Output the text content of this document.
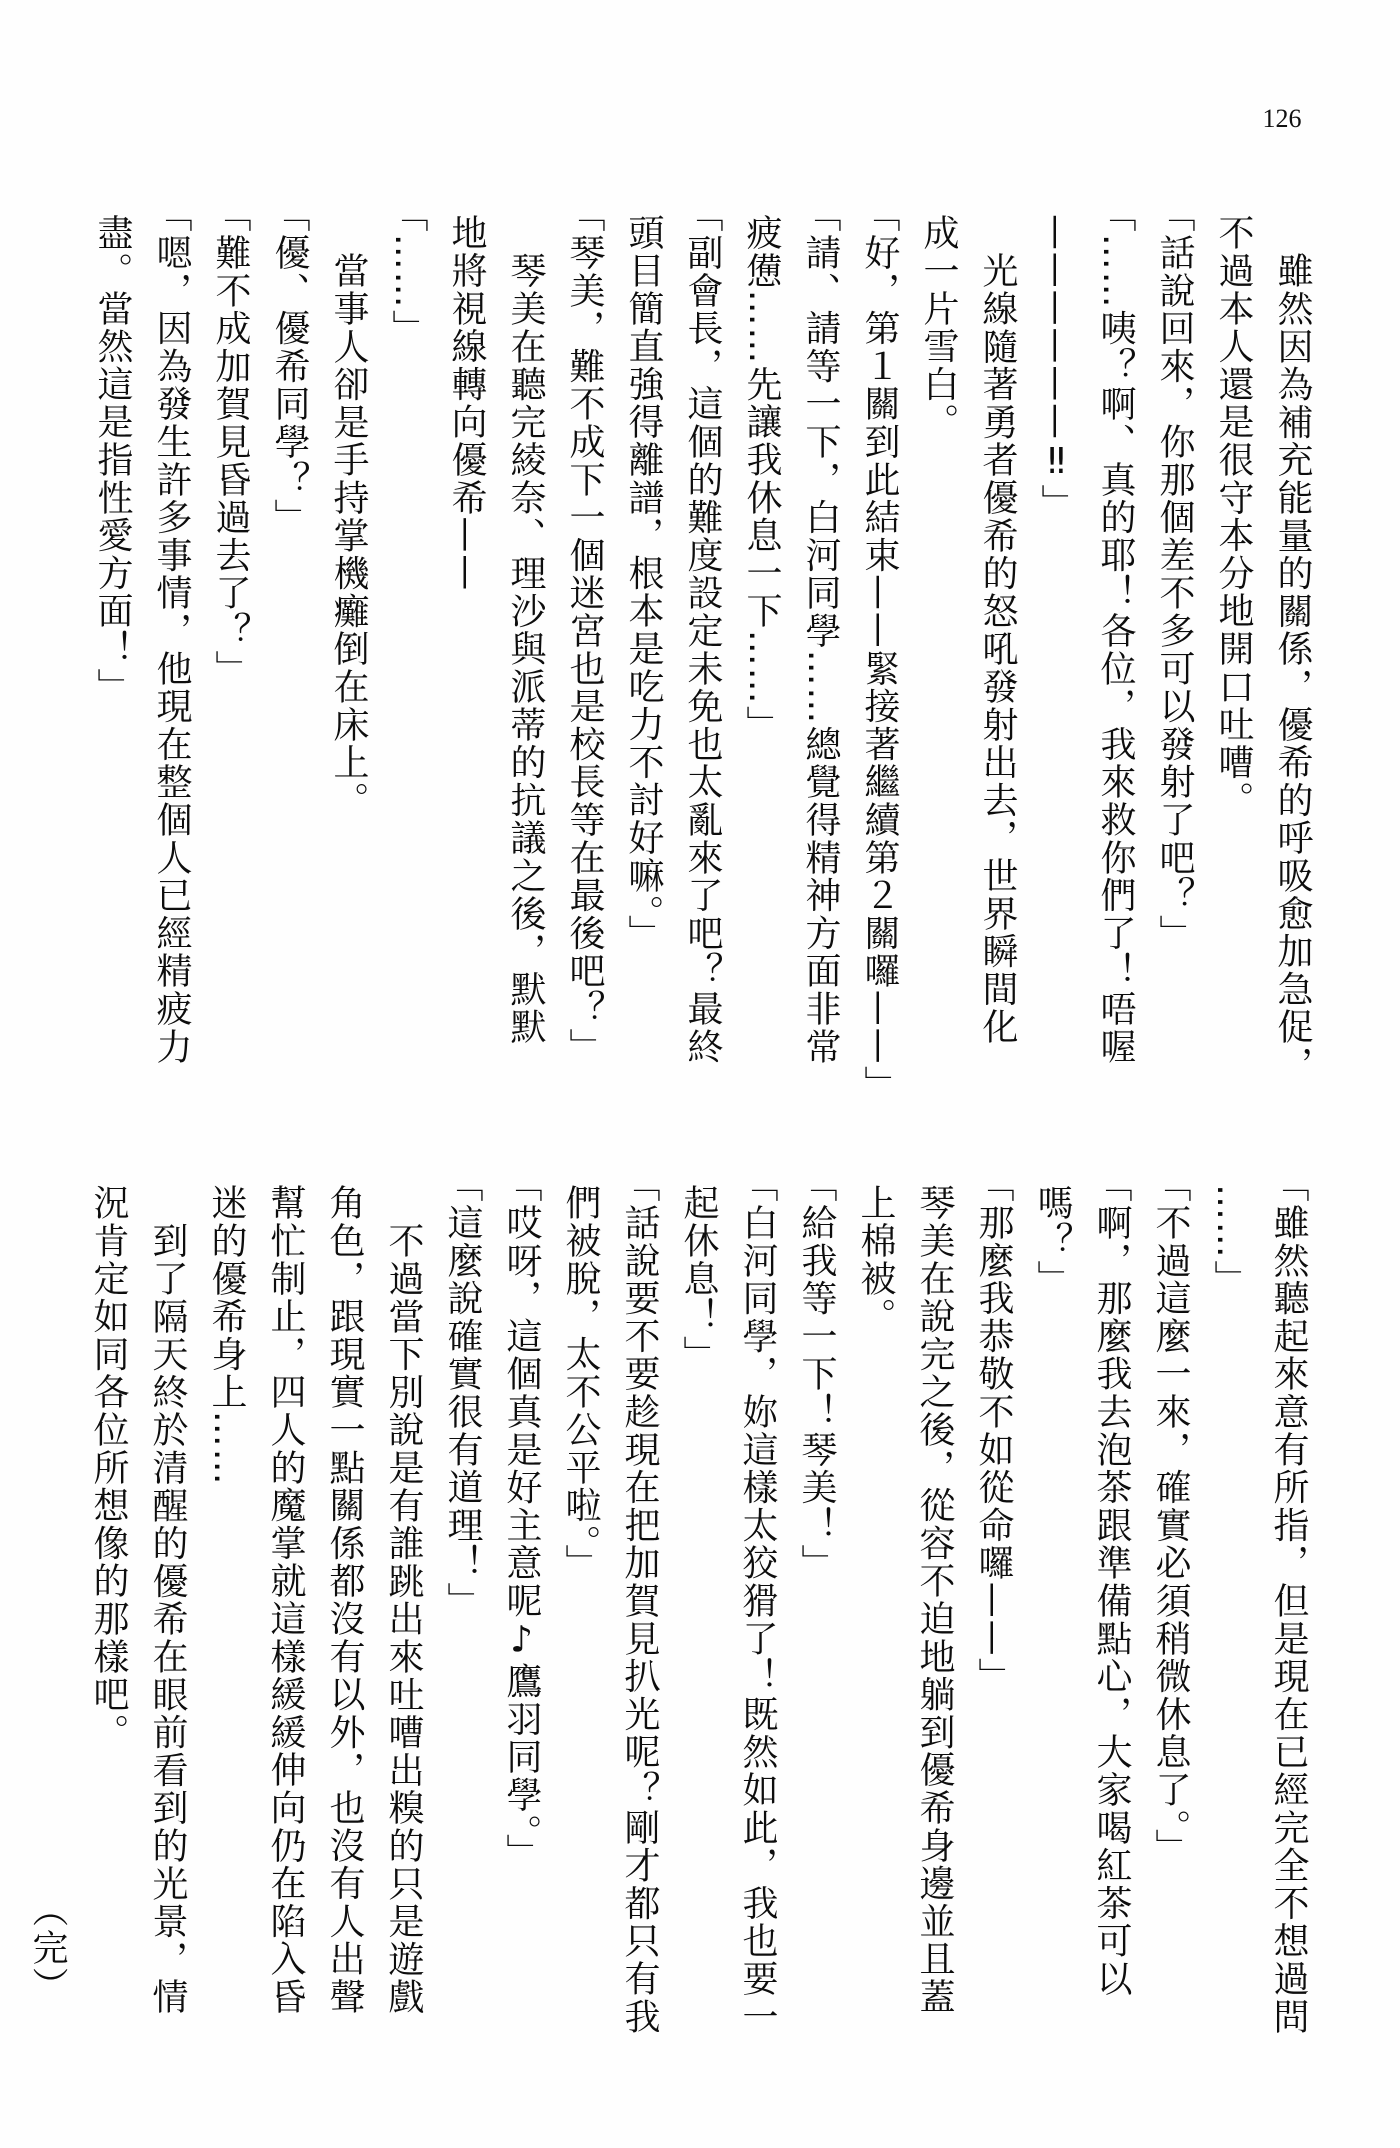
126

雖然因為補充能量的關係，優希的呼吸愈加急促，

不過本人還是很守本分地開口吐嘈。

「話說回來，你那個差不多可以發射了吧？」

「……咦？啊、真的耶！各位，我來救你們了！唔喔

——————‼」

光線隨著勇者優希的怒吼發射出去，世界瞬間化

成一片雪白。

「好，第１關到此結束——緊接著繼續第２關囉——」

「請、請等一下，白河同學……總覺得精神方面非常

疲憊……先讓我休息一下……」

「副會長，這個的難度設定未免也太亂來了吧？最終

頭目簡直強得離譜，根本是吃力不討好嘛。」

「琴美，難不成下一個迷宮也是校長等在最後吧？」

琴美在聽完綾奈、理沙與派蒂的抗議之後，默默

地將視線轉向優希——

「……」

當事人卻是手持掌機癱倒在床上。

「優、優希同學？」

「難不成加賀見昏過去了？」

「嗯，因為發生許多事情，他現在整個人已經精疲力

盡。當然這是指性愛方面！」

「雖然聽起來意有所指，但是現在已經完全不想過問

……」

「不過這麼一來，確實必須稍微休息了。」

「啊，那麼我去泡茶跟準備點心，大家喝紅茶可以

嗎？」

「那麼我恭敬不如從命囉——」

琴美在說完之後，從容不迫地躺到優希身邊並且蓋

上棉被。

「給我等一下！琴美！」

「白河同學，妳這樣太狡猾了！既然如此，我也要一

起休息！」

「話說要不要趁現在把加賀見扒光呢？剛才都只有我

們被脫，太不公平啦。」

「哎呀，這個真是好主意呢♪鷹羽同學。」

「這麼說確實很有道理！」

不過當下別說是有誰跳出來吐嘈出糗的只是遊戲

角色，跟現實一點關係都沒有以外，也沒有人出聲

幫忙制止，四人的魔掌就這樣緩緩伸向仍在陷入昏

迷的優希身上……

到了隔天終於清醒的優希在眼前看到的光景，情

況肯定如同各位所想像的那樣吧。

（完）
